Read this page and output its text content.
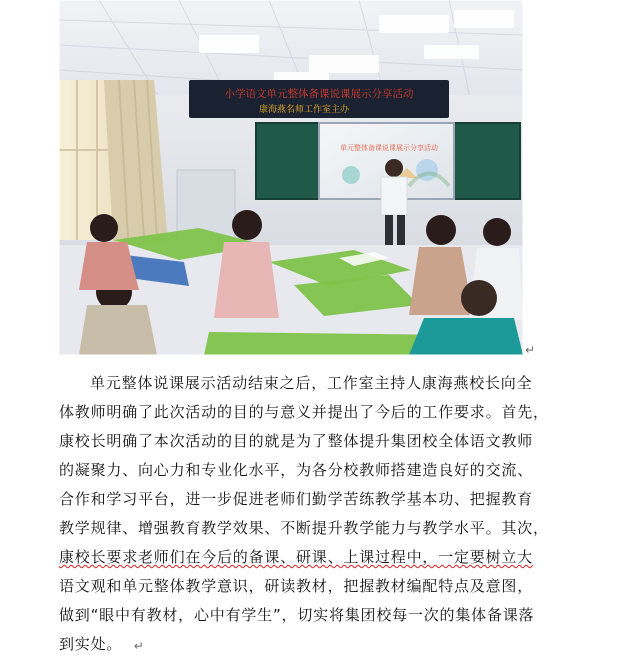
小学语文单元整体备课说课展示分享活动
康海燕名师工作室主办
单元整体备课说课展示分享活动
↵
单元整体说课展示活动结束之后，工作室主持人康海燕校长向全
体教师明确了此次活动的目的与意义并提出了今后的工作要求。首先，
康校长明确了本次活动的目的就是为了整体提升集团校全体语文教师
的凝聚力、向心力和专业化水平，为各分校教师搭建造良好的交流、
合作和学习平台，进一步促进老师们勤学苦练教学基本功、把握教育
教学规律、增强教育教学效果、不断提升教学能力与教学水平。其次，
康校长要求老师们在今后的备课、研课、上课过程中，一定要树立大
语文观和单元整体教学意识，研读教材，把握教材编配特点及意图，
做到“眼中有教材，心中有学生”，切实将集团校每一次的集体备课落
到实处。 ↵
